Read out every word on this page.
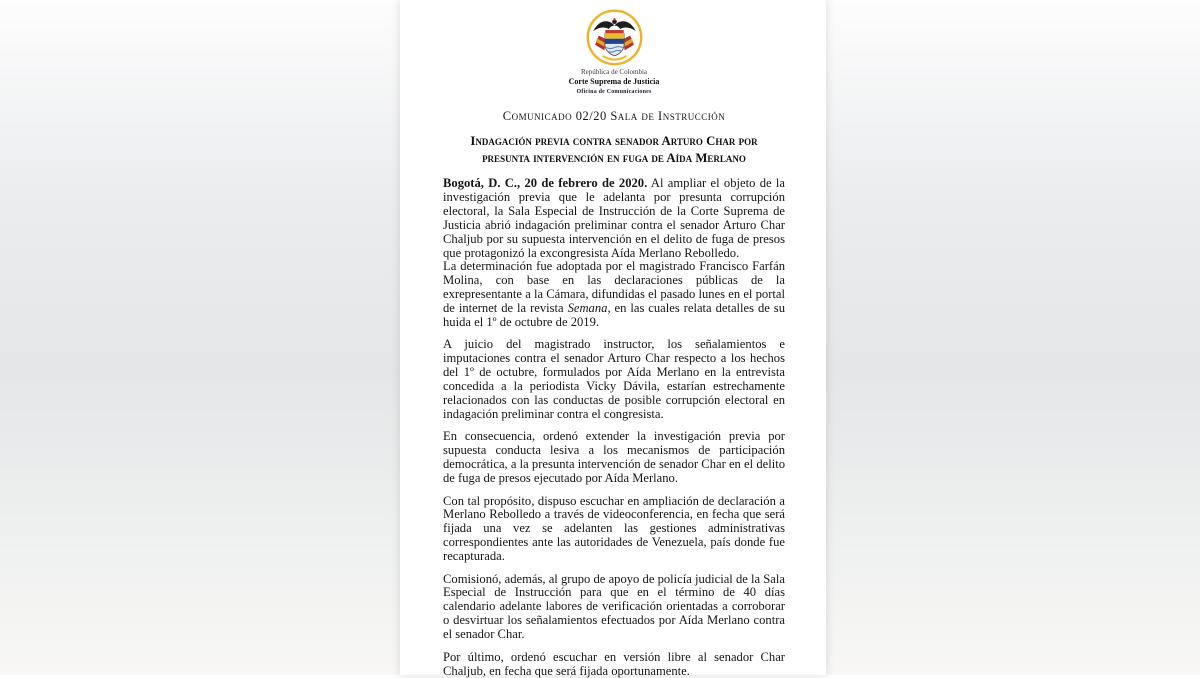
República de Colombia
Corte Suprema de Justicia
Oficina de Comunicaciones
Comunicado 02/20 Sala de Instrucción
Indagación previa contra senador Arturo Char por presunta intervención en fuga de Aída Merlano

Bogotá, D. C., 20 de febrero de 2020. Al ampliar el objeto de la investigación previa que le adelanta por presunta corrupción electoral, la Sala Especial de Instrucción de la Corte Suprema de Justicia abrió indagación preliminar contra el senador Arturo Char Chaljub por su supuesta intervención en el delito de fuga de presos que protagonizó la excongresista Aída Merlano Rebolledo.

La determinación fue adoptada por el magistrado Francisco Farfán Molina, con base en las declaraciones públicas de la exrepresentante a la Cámara, difundidas el pasado lunes en el portal de internet de la revista Semana, en las cuales relata detalles de su huida el 1º de octubre de 2019.

A juicio del magistrado instructor, los señalamientos e imputaciones contra el senador Arturo Char respecto a los hechos del 1º de octubre, formulados por Aída Merlano en la entrevista concedida a la periodista Vicky Dávila, estarían estrechamente relacionados con las conductas de posible corrupción electoral en indagación preliminar contra el congresista.

En consecuencia, ordenó extender la investigación previa por supuesta conducta lesiva a los mecanismos de participación democrática, a la presunta intervención de senador Char en el delito de fuga de presos ejecutado por Aída Merlano.

Con tal propósito, dispuso escuchar en ampliación de declaración a Merlano Rebolledo a través de videoconferencia, en fecha que será fijada una vez se adelanten las gestiones administrativas correspondientes ante las autoridades de Venezuela, país donde fue recapturada.

Comisionó, además, al grupo de apoyo de policía judicial de la Sala Especial de Instrucción para que en el término de 40 días calendario adelante labores de verificación orientadas a corroborar o desvirtuar los señalamientos efectuados por Aída Merlano contra el senador Char.

Por último, ordenó escuchar en versión libre al senador Char Chaljub, en fecha que será fijada oportunamente.
